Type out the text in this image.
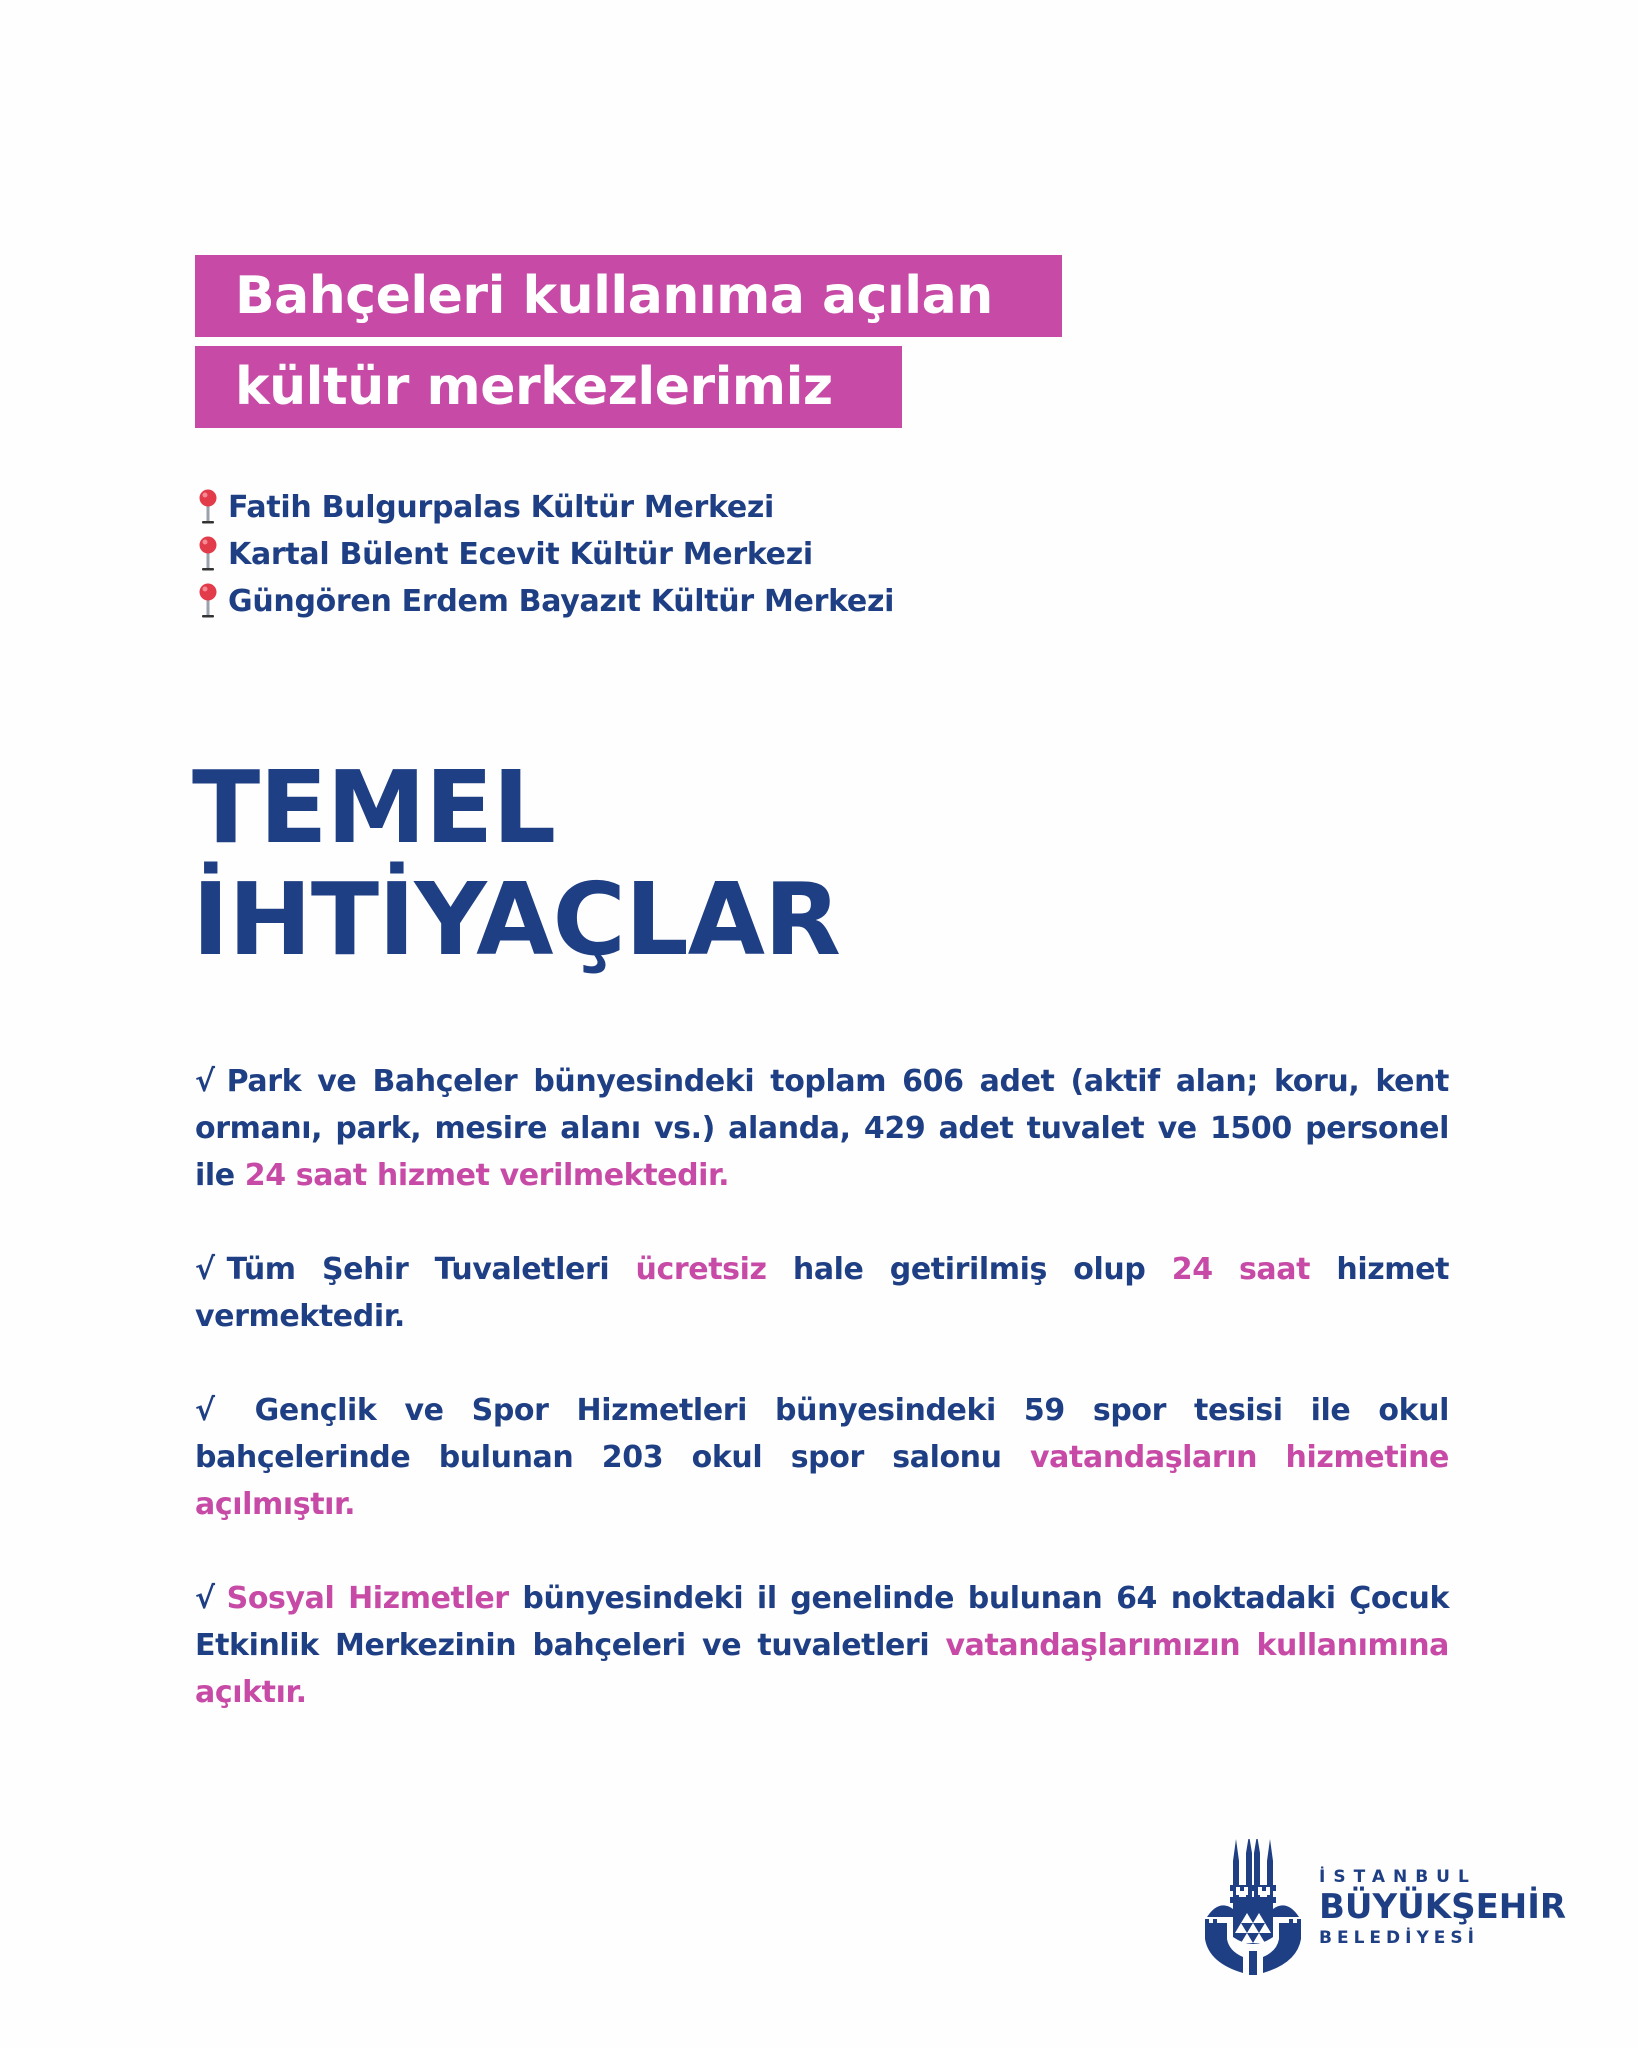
Bahçeleri kullanıma açılan
kültür merkezlerimiz
Fatih Bulgurpalas Kültür Merkezi
Kartal Bülent Ecevit Kültür Merkezi
Güngören Erdem Bayazıt Kültür Merkezi
TEMEL
İHTİYAÇLAR

√ Park ve Bahçeler bünyesindeki toplam 606 adet (aktif alan; koru, kent ormanı, park, mesire alanı vs.) alanda, 429 adet tuvalet ve 1500 personel ile 24 saat hizmet verilmektedir.

√ Tüm Şehir Tuvaletleri ücretsiz hale getirilmiş olup 24 saat hizmet vermektedir.

√ Gençlik ve Spor Hizmetleri bünyesindeki 59 spor tesisi ile okul bahçelerinde bulunan 203 okul spor salonu vatandaşların hizmetine açılmıştır.

√ Sosyal Hizmetler bünyesindeki il genelinde bulunan 64 noktadaki Çocuk Etkinlik Merkezinin bahçeleri ve tuvaletleri vatandaşlarımızın kullanımına açıktır.

İSTANBUL
BÜYÜKŞEHİR
BELEDİYESİ
